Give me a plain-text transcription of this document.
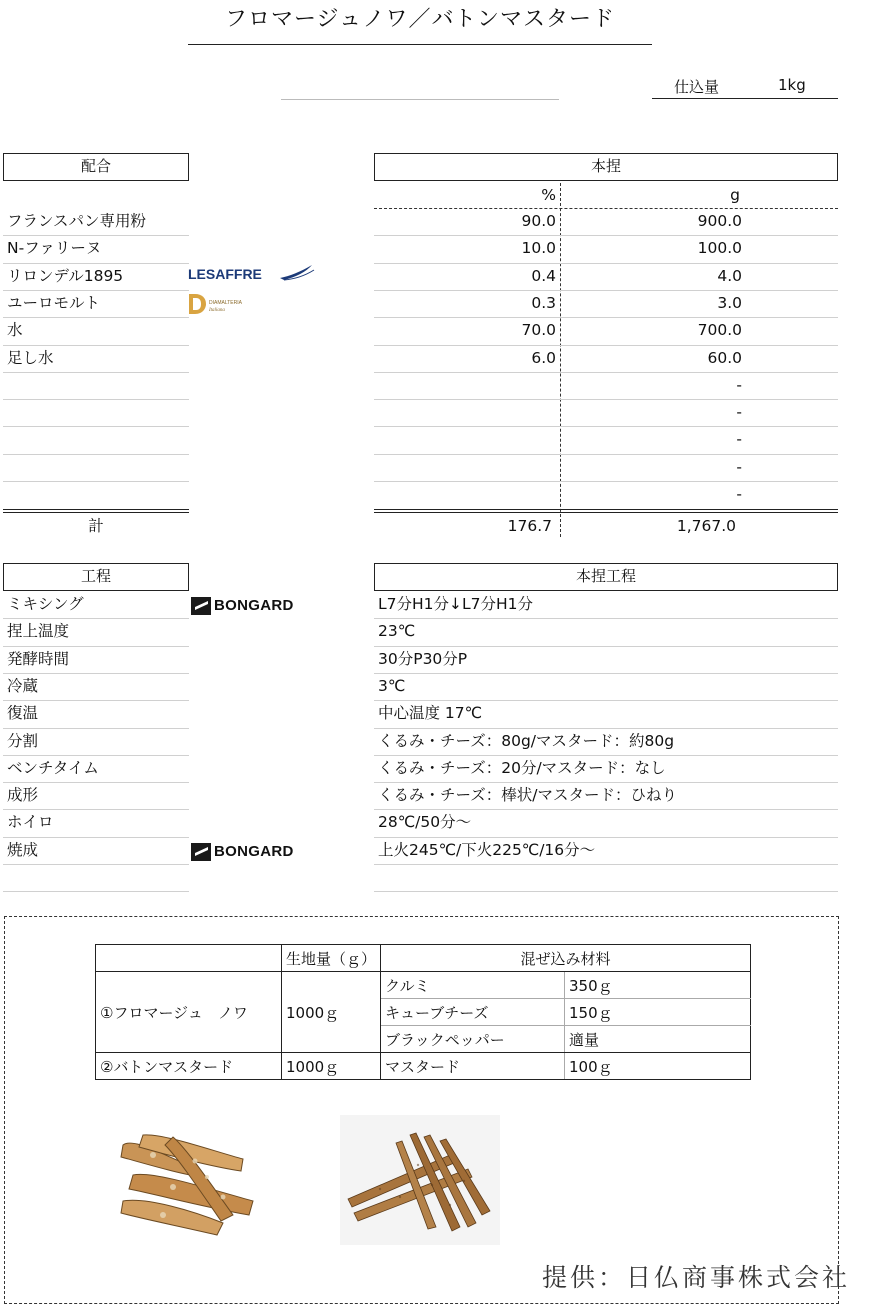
フロマージュノワ／バトンマスタード
仕込量	1kg
配合	本捏
%	g
フランスパン専用粉	90.0	900.0
N-ファリーヌ	10.0	100.0
リロンデル1895	0.4	4.0
ユーロモルト	0.3	3.0
水	70.0	700.0
足し水	6.0	60.0
-
-
-
-
-
計	176.7	1,767.0
LESAFFRE
DIAMALTERIA
Italiana
工程	本捏工程
ミキシング	L7分H1分↓L7分H1分
捏上温度	23℃
発酵時間	30分P30分P
冷蔵	3℃
復温	中心温度 17℃
分割	くるみ・チーズ：80g/マスタード：約80g
ベンチタイム	くるみ・チーズ：20分/マスタード：なし
成形	くるみ・チーズ：棒状/マスタード：ひねり
ホイロ	28℃/50分～
焼成	上火245℃/下火225℃/16分～
BONGARD
BONGARD
	生地量（ｇ）	混ぜ込み材料	
①フロマージュ　ノワ	1000ｇ	クルミ	350ｇ
		キューブチーズ	150ｇ
		ブラックペッパー	適量
②バトンマスタード	1000ｇ	マスタード	100ｇ
提供：日仏商事株式会社
